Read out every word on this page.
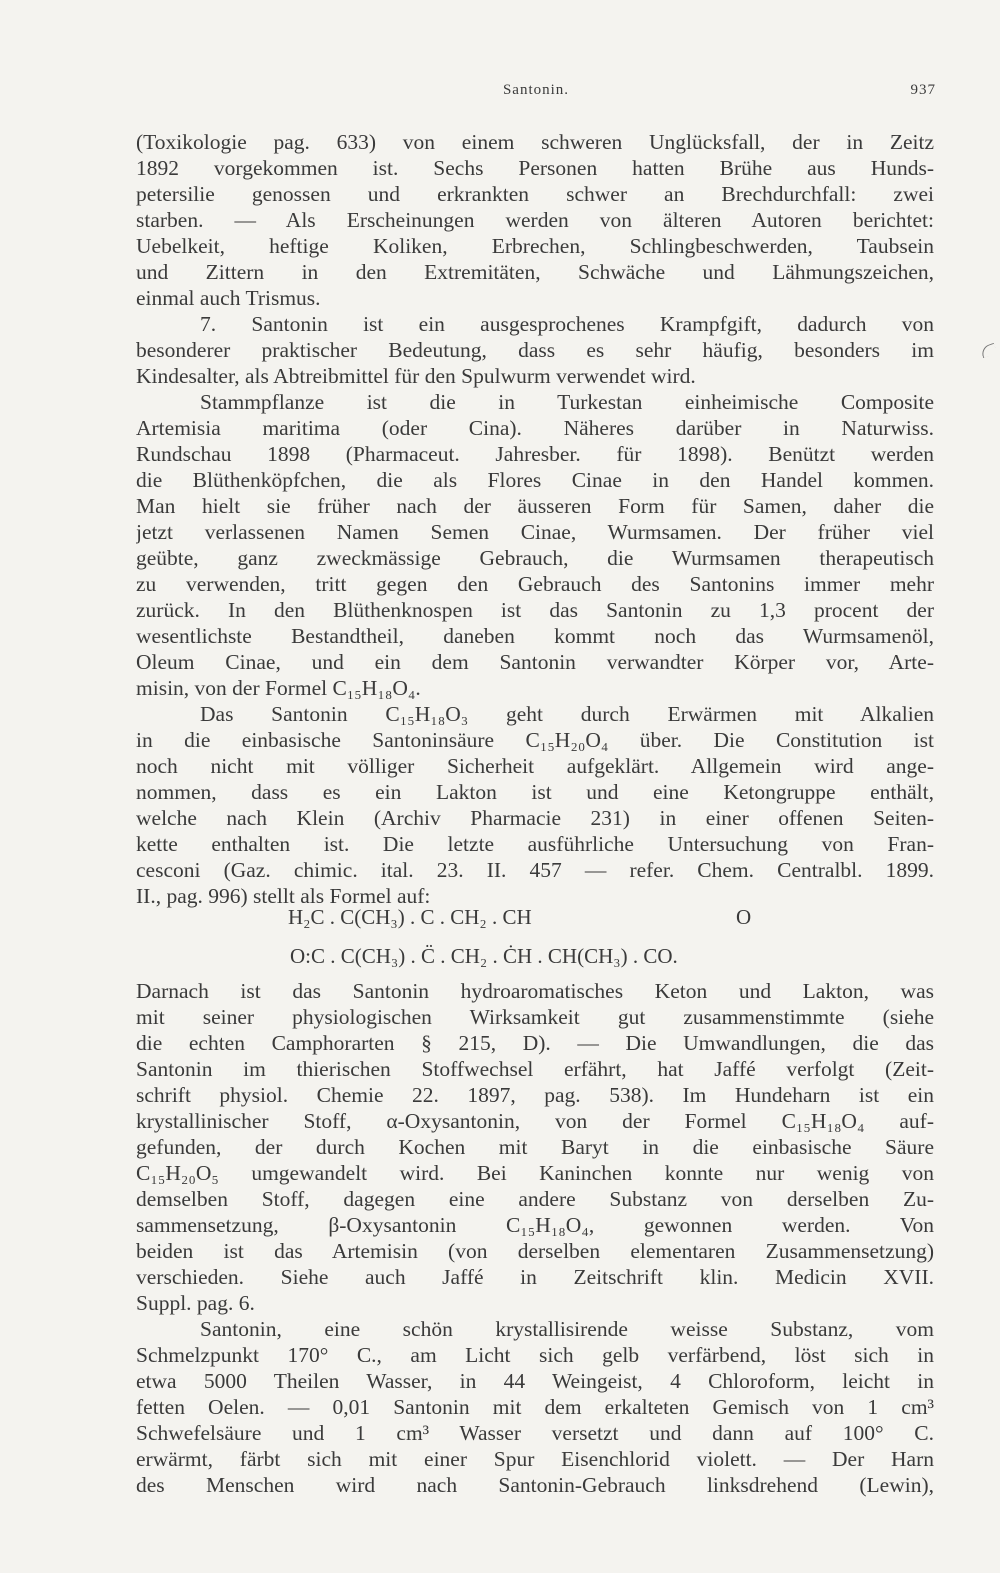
Santonin.	937
(Toxikologie pag. 633) von einem schweren Unglücksfall, der in Zeitz
1892 vorgekommen ist. Sechs Personen hatten Brühe aus Hunds-
petersilie genossen und erkrankten schwer an Brechdurchfall: zwei
starben. — Als Erscheinungen werden von älteren Autoren berichtet:
Uebelkeit, heftige Koliken, Erbrechen, Schlingbeschwerden, Taubsein
und Zittern in den Extremitäten, Schwäche und Lähmungszeichen,
einmal auch Trismus.
7. Santonin ist ein ausgesprochenes Krampfgift, dadurch von
besonderer praktischer Bedeutung, dass es sehr häufig, besonders im
Kindesalter, als Abtreibmittel für den Spulwurm verwendet wird.
Stammpflanze ist die in Turkestan einheimische Composite
Artemisia maritima (oder Cina). Näheres darüber in Naturwiss.
Rundschau 1898 (Pharmaceut. Jahresber. für 1898). Benützt werden
die Blüthenköpfchen, die als Flores Cinae in den Handel kommen.
Man hielt sie früher nach der äusseren Form für Samen, daher die
jetzt verlassenen Namen Semen Cinae, Wurmsamen. Der früher viel
geübte, ganz zweckmässige Gebrauch, die Wurmsamen therapeutisch
zu verwenden, tritt gegen den Gebrauch des Santonins immer mehr
zurück. In den Blüthenknospen ist das Santonin zu 1,3 procent der
wesentlichste Bestandtheil, daneben kommt noch das Wurmsamenöl,
Oleum Cinae, und ein dem Santonin verwandter Körper vor, Arte-
misin, von der Formel C₁₅H₁₈O₄.
Das Santonin C₁₅H₁₈O₃ geht durch Erwärmen mit Alkalien
in die einbasische Santoninsäure C₁₅H₂₀O₄ über. Die Constitution ist
noch nicht mit völliger Sicherheit aufgeklärt. Allgemein wird ange-
nommen, dass es ein Lakton ist und eine Ketongruppe enthält,
welche nach Klein (Archiv Pharmacie 231) in einer offenen Seiten-
kette enthalten ist. Die letzte ausführliche Untersuchung von Fran-
cesconi (Gaz. chimic. ital. 23. II. 457 — refer. Chem. Centralbl. 1899.
II., pag. 996) stellt als Formel auf:
H₂C . C(CH₃) . C . CH₂ . CH	O
O:C . C(CH₃) . C̈ . CH₂ . ĊH . CH(CH₃) . CO.
Darnach ist das Santonin hydroaromatisches Keton und Lakton, was
mit seiner physiologischen Wirksamkeit gut zusammenstimmte (siehe
die echten Camphorarten § 215, D). — Die Umwandlungen, die das
Santonin im thierischen Stoffwechsel erfährt, hat Jaffé verfolgt (Zeit-
schrift physiol. Chemie 22. 1897, pag. 538). Im Hundeharn ist ein
krystallinischer Stoff, α-Oxysantonin, von der Formel C₁₅H₁₈O₄ auf-
gefunden, der durch Kochen mit Baryt in die einbasische Säure
C₁₅H₂₀O₅ umgewandelt wird. Bei Kaninchen konnte nur wenig von
demselben Stoff, dagegen eine andere Substanz von derselben Zu-
sammensetzung, β-Oxysantonin C₁₅H₁₈O₄, gewonnen werden. Von
beiden ist das Artemisin (von derselben elementaren Zusammensetzung)
verschieden. Siehe auch Jaffé in Zeitschrift klin. Medicin XVII.
Suppl. pag. 6.
Santonin, eine schön krystallisirende weisse Substanz, vom
Schmelzpunkt 170° C., am Licht sich gelb verfärbend, löst sich in
etwa 5000 Theilen Wasser, in 44 Weingeist, 4 Chloroform, leicht in
fetten Oelen. — 0,01 Santonin mit dem erkalteten Gemisch von 1 cm³
Schwefelsäure und 1 cm³ Wasser versetzt und dann auf 100° C.
erwärmt, färbt sich mit einer Spur Eisenchlorid violett. — Der Harn
des Menschen wird nach Santonin-Gebrauch linksdrehend (Lewin),
